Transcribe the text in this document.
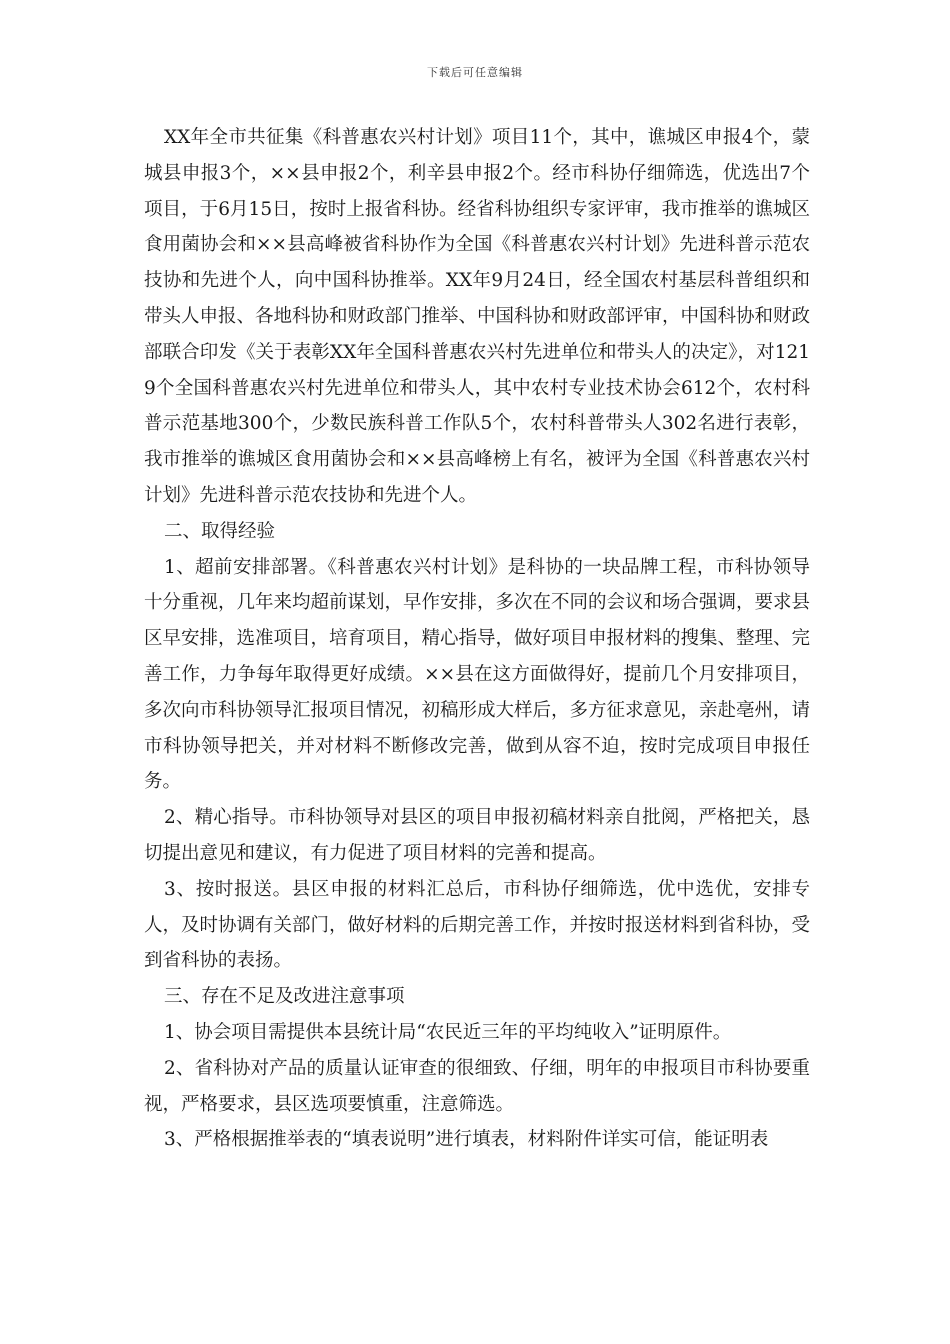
下载后可任意编辑

XX年全市共征集《科普惠农兴村计划》项目11个，其中，谯城区申报4个，蒙城县申报3个，××县申报2个，利辛县申报2个。经市科协仔细筛选，优选出7个项目，于6月15日，按时上报省科协。经省科协组织专家评审，我市推举的谯城区食用菌协会和××县高峰被省科协作为全国《科普惠农兴村计划》先进科普示范农技协和先进个人，向中国科协推举。XX年9月24日，经全国农村基层科普组织和带头人申报、各地科协和财政部门推举、中国科协和财政部评审，中国科协和财政部联合印发《关于表彰XX年全国科普惠农兴村先进单位和带头人的决定》，对1219个全国科普惠农兴村先进单位和带头人，其中农村专业技术协会612个，农村科普示范基地300个，少数民族科普工作队5个，农村科普带头人302名进行表彰，我市推举的谯城区食用菌协会和××县高峰榜上有名，被评为全国《科普惠农兴村计划》先进科普示范农技协和先进个人。

二、取得经验

1、超前安排部署。《科普惠农兴村计划》是科协的一块品牌工程，市科协领导十分重视，几年来均超前谋划，早作安排，多次在不同的会议和场合强调，要求县区早安排，选准项目，培育项目，精心指导，做好项目申报材料的搜集、整理、完善工作，力争每年取得更好成绩。××县在这方面做得好，提前几个月安排项目，多次向市科协领导汇报项目情况，初稿形成大样后，多方征求意见，亲赴亳州，请市科协领导把关，并对材料不断修改完善，做到从容不迫，按时完成项目申报任务。

2、精心指导。市科协领导对县区的项目申报初稿材料亲自批阅，严格把关，恳切提出意见和建议，有力促进了项目材料的完善和提高。

3、按时报送。县区申报的材料汇总后，市科协仔细筛选，优中选优，安排专人，及时协调有关部门，做好材料的后期完善工作，并按时报送材料到省科协，受到省科协的表扬。

三、存在不足及改进注意事项

1、协会项目需提供本县统计局“农民近三年的平均纯收入”证明原件。

2、省科协对产品的质量认证审查的很细致、仔细，明年的申报项目市科协要重视，严格要求，县区选项要慎重，注意筛选。

3、严格根据推举表的“填表说明”进行填表，材料附件详实可信，能证明表
